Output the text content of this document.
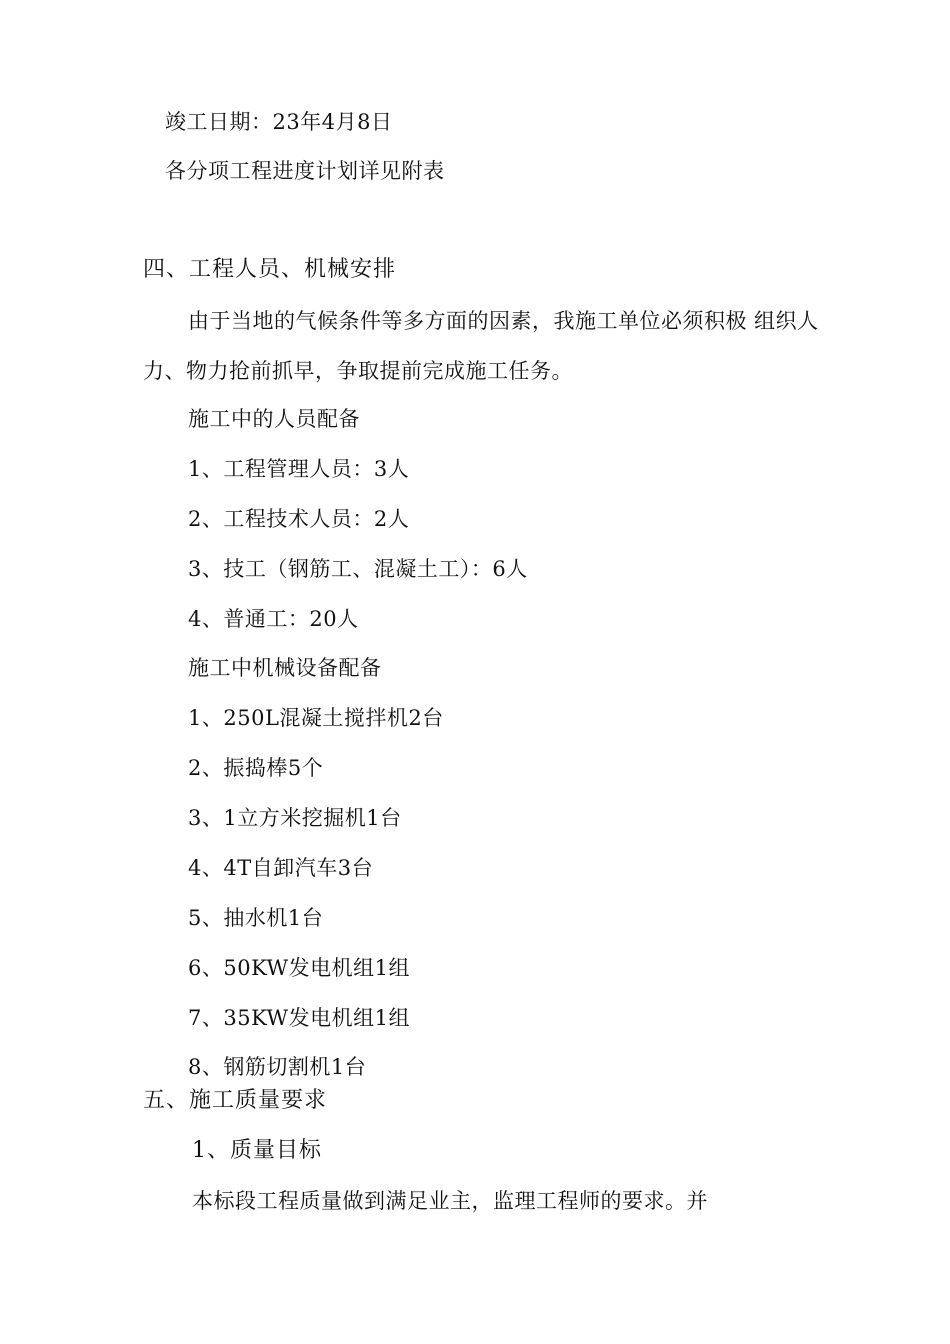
竣工日期：23年4月8日
各分项工程进度计划详见附表
四、工程人员、机械安排
由于当地的气候条件等多方面的因素，我施工单位必须积极 组织人
力、物力抢前抓早，争取提前完成施工任务。
施工中的人员配备
1、工程管理人员：3人
2、工程技术人员：2人
3、技工（钢筋工、混凝土工）：6人
4、普通工：20人
施工中机械设备配备
1、250L混凝土搅拌机2台
2、振捣棒5个
3、1立方米挖掘机1台
4、4T自卸汽车3台
5、抽水机1台
6、50KW发电机组1组
7、35KW发电机组1组
8、钢筋切割机1台
五、施工质量要求
1、质量目标
本标段工程质量做到满足业主，监理工程师的要求。并
